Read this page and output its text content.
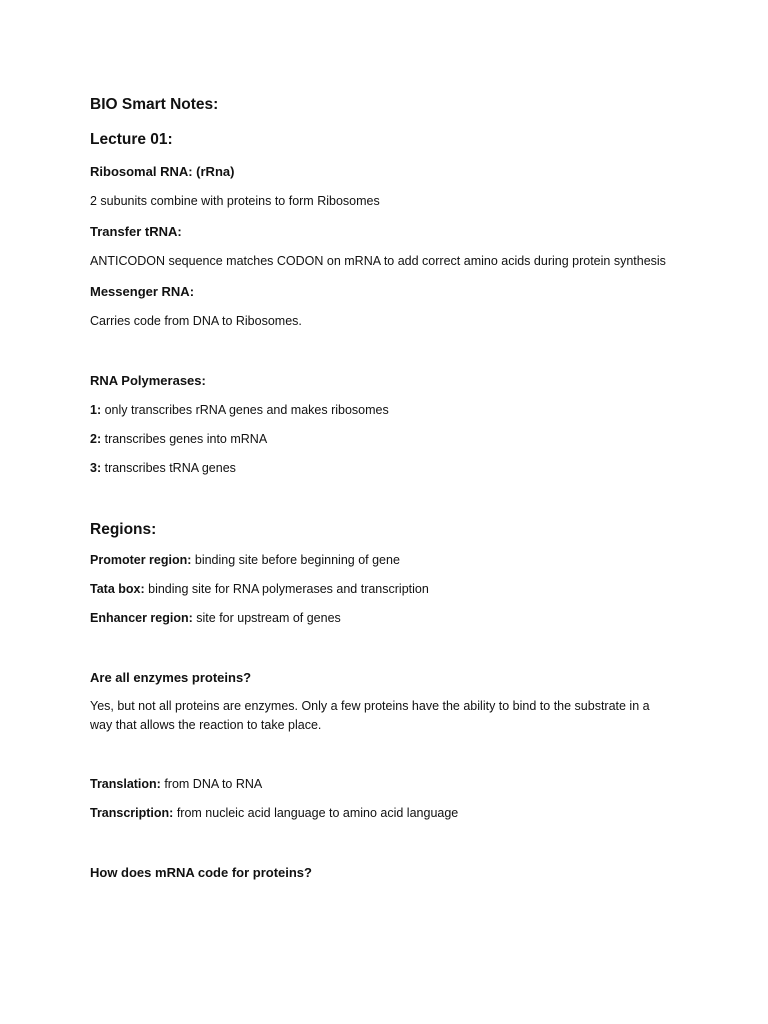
BIO Smart Notes:
Lecture 01:
Ribosomal RNA: (rRna)
2 subunits combine with proteins to form Ribosomes
Transfer tRNA:
ANTICODON sequence matches CODON on mRNA to add correct amino acids during protein synthesis
Messenger RNA:
Carries code from DNA to Ribosomes.
RNA Polymerases:
1: only transcribes rRNA genes and makes ribosomes
2: transcribes genes into mRNA
3: transcribes tRNA genes
Regions:
Promoter region: binding site before beginning of gene
Tata box: binding site for RNA polymerases and transcription
Enhancer region: site for upstream of genes
Are all enzymes proteins?
Yes, but not all proteins are enzymes. Only a few proteins have the ability to bind to the substrate in a
way that allows the reaction to take place.
Translation: from DNA to RNA
Transcription: from nucleic acid language to amino acid language
How does mRNA code for proteins?
